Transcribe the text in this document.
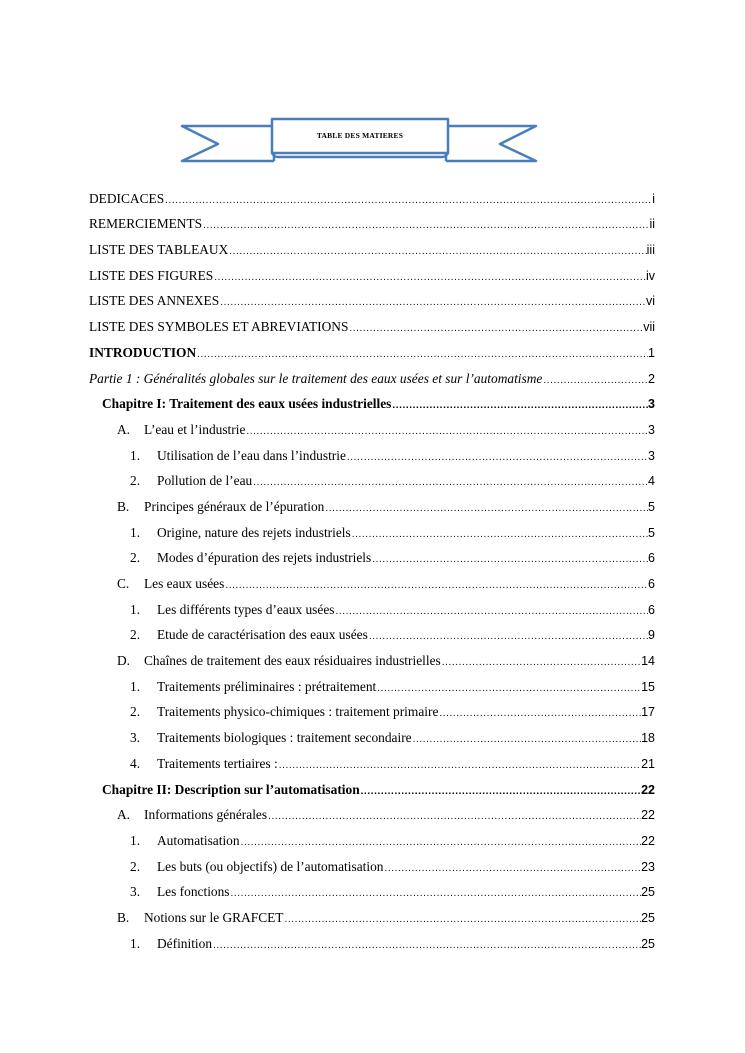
TABLE DES MATIERES
DEDICACES .....	i
REMERCIEMENTS .....	ii
LISTE DES TABLEAUX .....	iii
LISTE DES FIGURES .....	iv
LISTE DES ANNEXES .....	vi
LISTE DES SYMBOLES ET ABREVIATIONS .....	vii
INTRODUCTION .....	1
Partie 1 : Généralités globales sur le traitement des eaux usées et sur l’automatisme .....	2
Chapitre I: Traitement des eaux usées industrielles .....	3
A.	L’eau et l’industrie .....	3
1.	Utilisation de l’eau dans l’industrie .....	3
2.	Pollution de l’eau .....	4
B.	Principes généraux de l’épuration .....	5
1.	Origine, nature des rejets industriels .....	5
2.	Modes d’épuration des rejets industriels .....	6
C.	Les eaux usées .....	6
1.	Les différents types d’eaux usées .....	6
2.	Etude de caractérisation des eaux usées .....	9
D.	Chaînes de traitement des eaux résiduaires industrielles .....	14
1.	Traitements préliminaires : prétraitement .....	15
2.	Traitements physico-chimiques : traitement primaire .....	17
3.	Traitements biologiques : traitement secondaire .....	18
4.	Traitements tertiaires : .....	21
Chapitre II: Description sur l’automatisation .....	22
A.	Informations générales .....	22
1.	Automatisation .....	22
2.	Les buts (ou objectifs) de l’automatisation .....	23
3.	Les fonctions .....	25
B.	Notions sur le GRAFCET .....	25
1.	Définition .....	25
